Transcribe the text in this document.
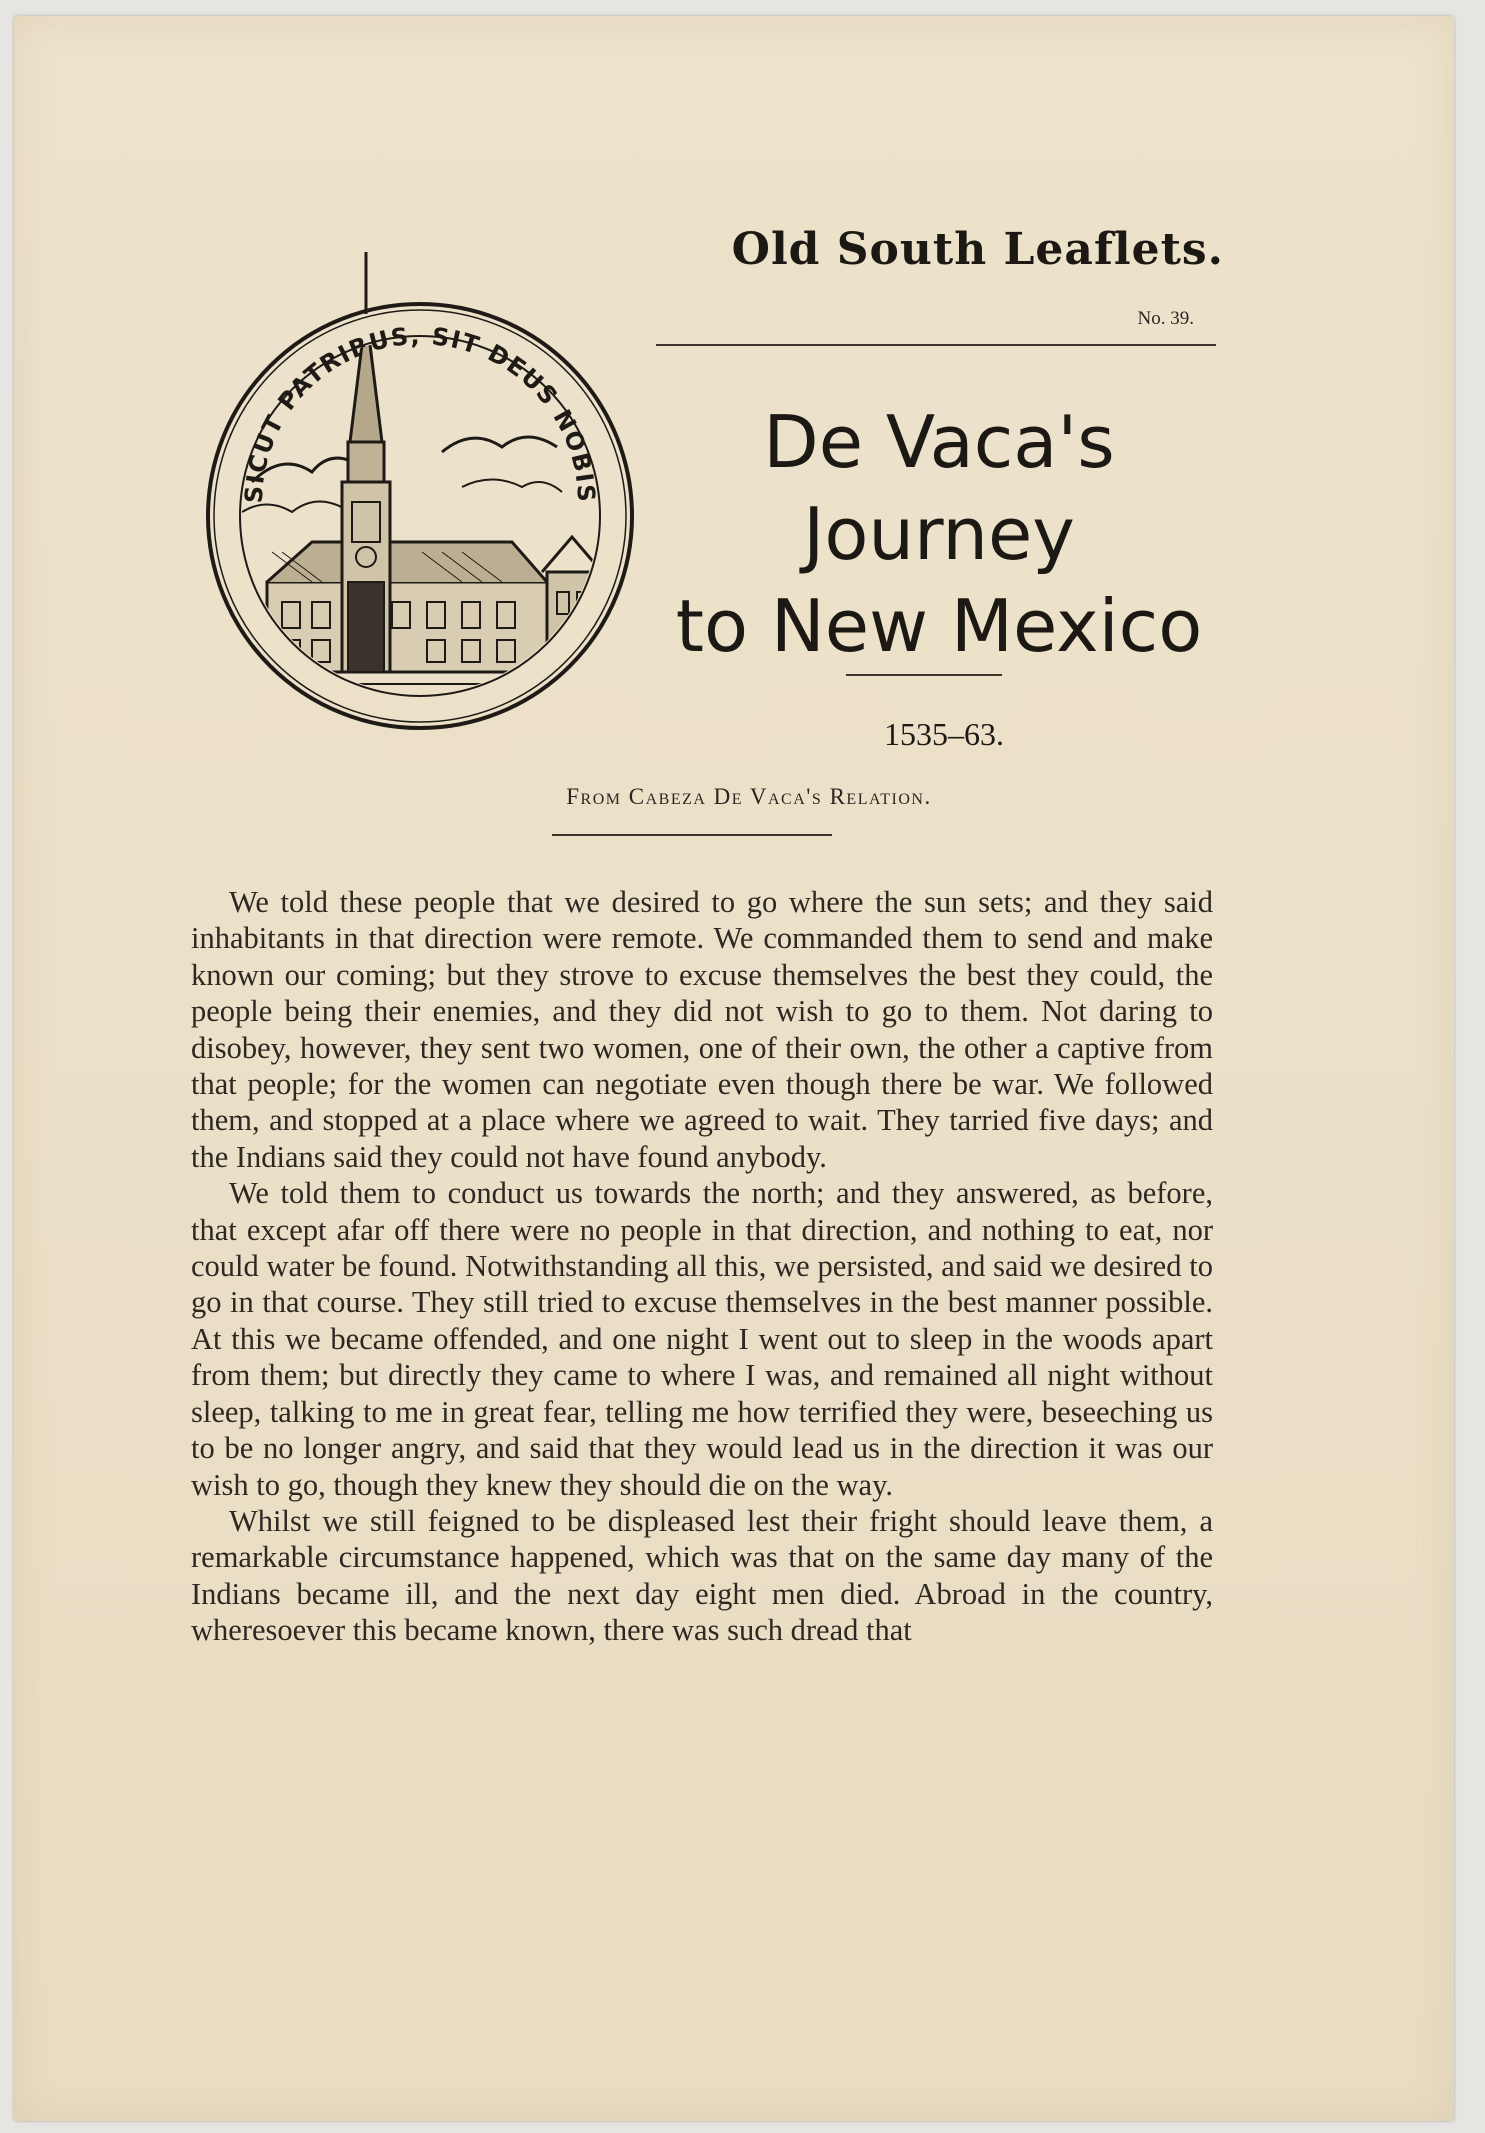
Old South Leaflets.
No. 39.
SICUT PATRIBUS, SIT DEUS NOBIS
De Vaca's
Journey
to New Mexico
1535–63.
From Cabeza De Vaca's Relation.

We told these people that we desired to go where the sun sets; and they said inhabitants in that direction were remote. We commanded them to send and make known our coming; but they strove to excuse themselves the best they could, the people being their enemies, and they did not wish to go to them. Not daring to disobey, however, they sent two women, one of their own, the other a captive from that people; for the women can negotiate even though there be war. We followed them, and stopped at a place where we agreed to wait. They tarried five days; and the Indians said they could not have found anybody.

We told them to conduct us towards the north; and they answered, as before, that except afar off there were no people in that direction, and nothing to eat, nor could water be found. Notwithstanding all this, we persisted, and said we desired to go in that course. They still tried to excuse themselves in the best manner possible. At this we became offended, and one night I went out to sleep in the woods apart from them; but directly they came to where I was, and remained all night without sleep, talking to me in great fear, telling me how terrified they were, beseeching us to be no longer angry, and said that they would lead us in the direction it was our wish to go, though they knew they should die on the way.

Whilst we still feigned to be displeased lest their fright should leave them, a remarkable circumstance happened, which was that on the same day many of the Indians became ill, and the next day eight men died. Abroad in the country, wheresoever this became known, there was such dread that
